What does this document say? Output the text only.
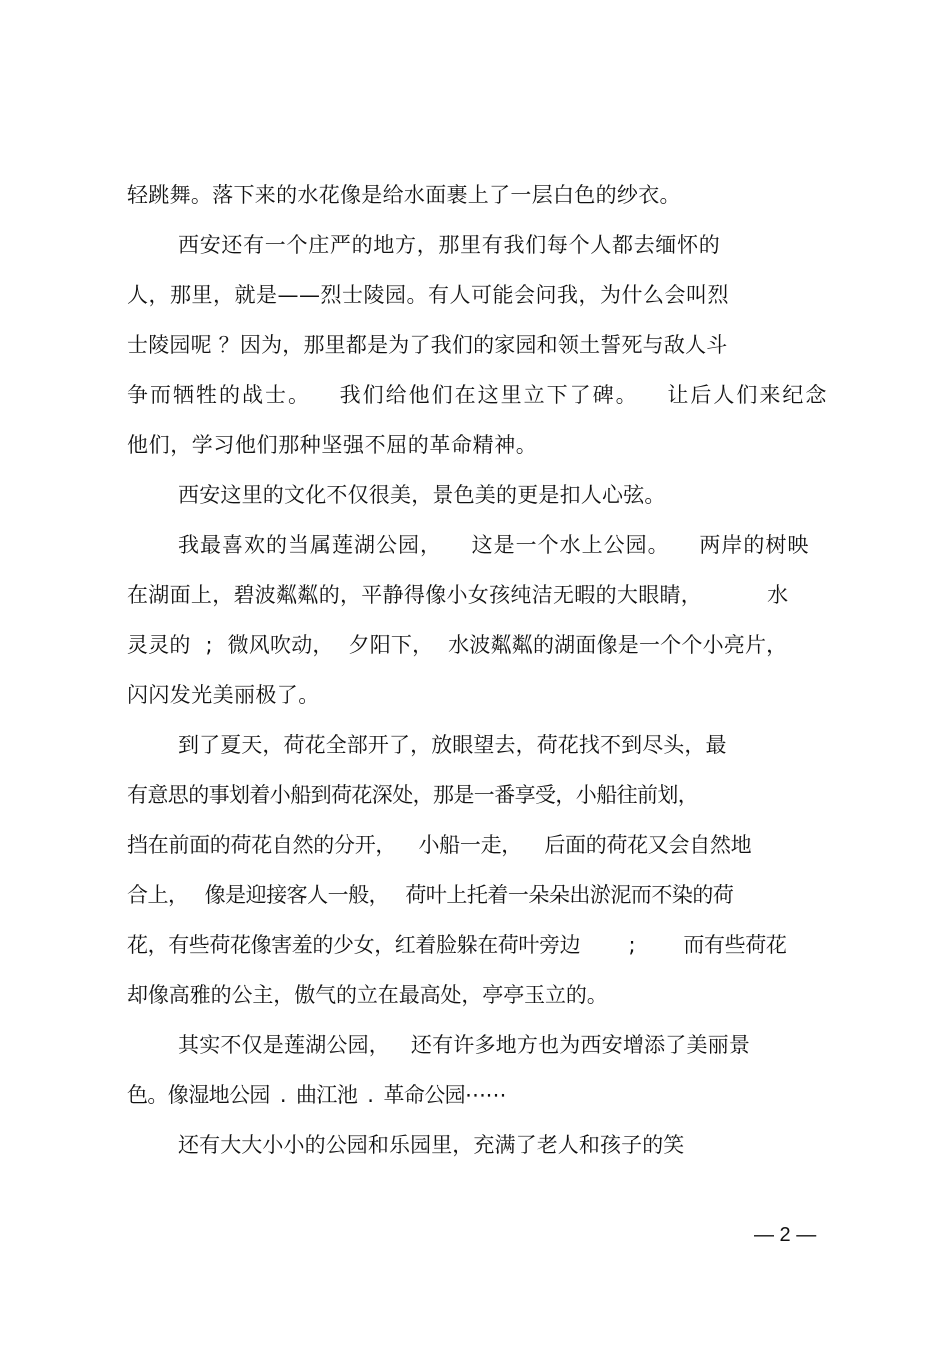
轻跳舞。落下来的水花像是给水面裹上了一层白色的纱衣。
西安还有一个庄严的地方，那里有我们每个人都去缅怀的
人，那里，就是——烈士陵园。有人可能会问我，为什么会叫烈
士陵园呢 ？因为，那里都是为了我们的家园和领土誓死与敌人斗
争而牺牲的战士。 我们给他们在这里立下了碑。 让后人们来纪念
他们，学习他们那种坚强不屈的革命精神。
西安这里的文化不仅很美，景色美的更是扣人心弦。
我最喜欢的当属莲湖公园， 这是一个水上公园。 两岸的树映
在湖面上，碧波粼粼的，平静得像小女孩纯洁无暇的大眼睛， 水
灵灵的 ; 微风吹动， 夕阳下， 水波粼粼的湖面像是一个个小亮片，
闪闪发光美丽极了。
到了夏天，荷花全部开了，放眼望去，荷花找不到尽头，最
有意思的事划着小船到荷花深处，那是一番享受，小船往前划，
挡在前面的荷花自然的分开， 小船一走， 后面的荷花又会自然地
合上， 像是迎接客人一般， 荷叶上托着一朵朵出淤泥而不染的荷
花，有些荷花像害羞的少女，红着脸躲在荷叶旁边 ; 而有些荷花
却像高雅的公主，傲气的立在最高处，亭亭玉立的。
其实不仅是莲湖公园， 还有许多地方也为西安增添了美丽景
色。像湿地公园 . 曲江池 . 革命公园⋯⋯
还有大大小小的公园和乐园里，充满了老人和孩子的笑
— 2 —
